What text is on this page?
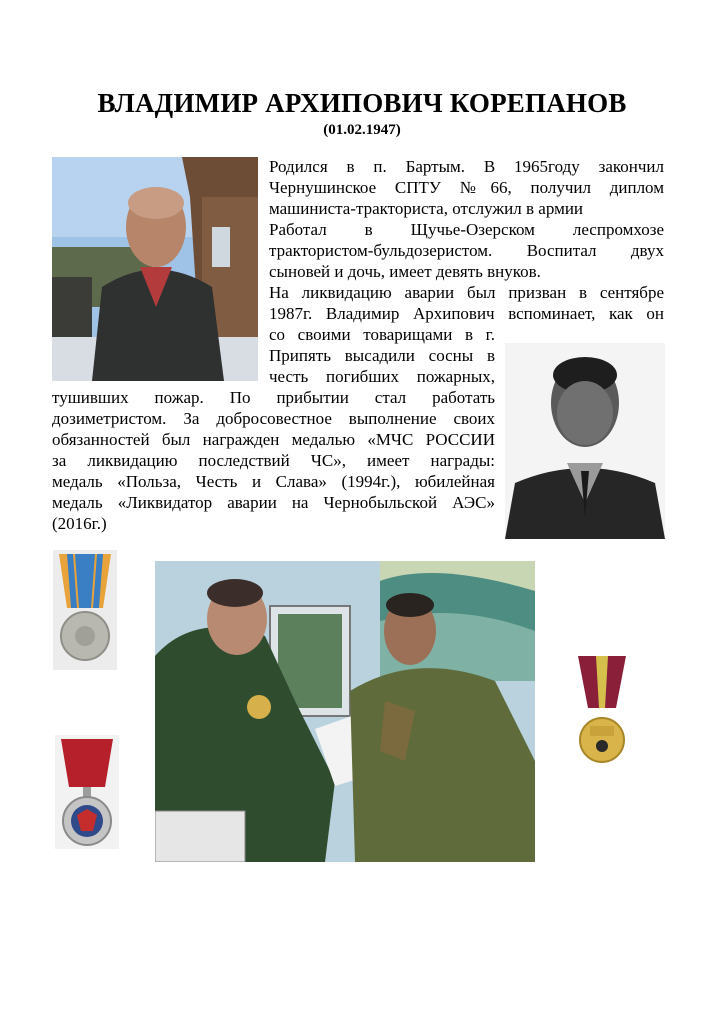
ВЛАДИМИР АРХИПОВИЧ КОРЕПАНОВ
(01.02.1947)
Родился в п. Бартым. В 1965году закончил
Чернушинское СПТУ №66, получил диплом
машиниста-тракториста, отслужил в армии
Работал в Щучье-Озерском леспромхозе
трактористом-бульдозеристом. Воспитал двух
сыновей и дочь, имеет девять внуков.
На ликвидацию аварии был призван в сентябре
1987г. Владимир Архипович вспоминает, как он
со своими товарищами в г.
Припять высадили сосны в
честь погибших пожарных,
тушивших пожар. По прибытии стал работать
дозиметристом. За добросовестное выполнение своих
обязанностей был награжден медалью «МЧС РОССИИ
за ликвидацию последствий ЧС», имеет награды:
медаль «Польза, Честь и Слава» (1994г.), юбилейная
медаль «Ликвидатор аварии на Чернобыльской АЭС»
(2016г.)
